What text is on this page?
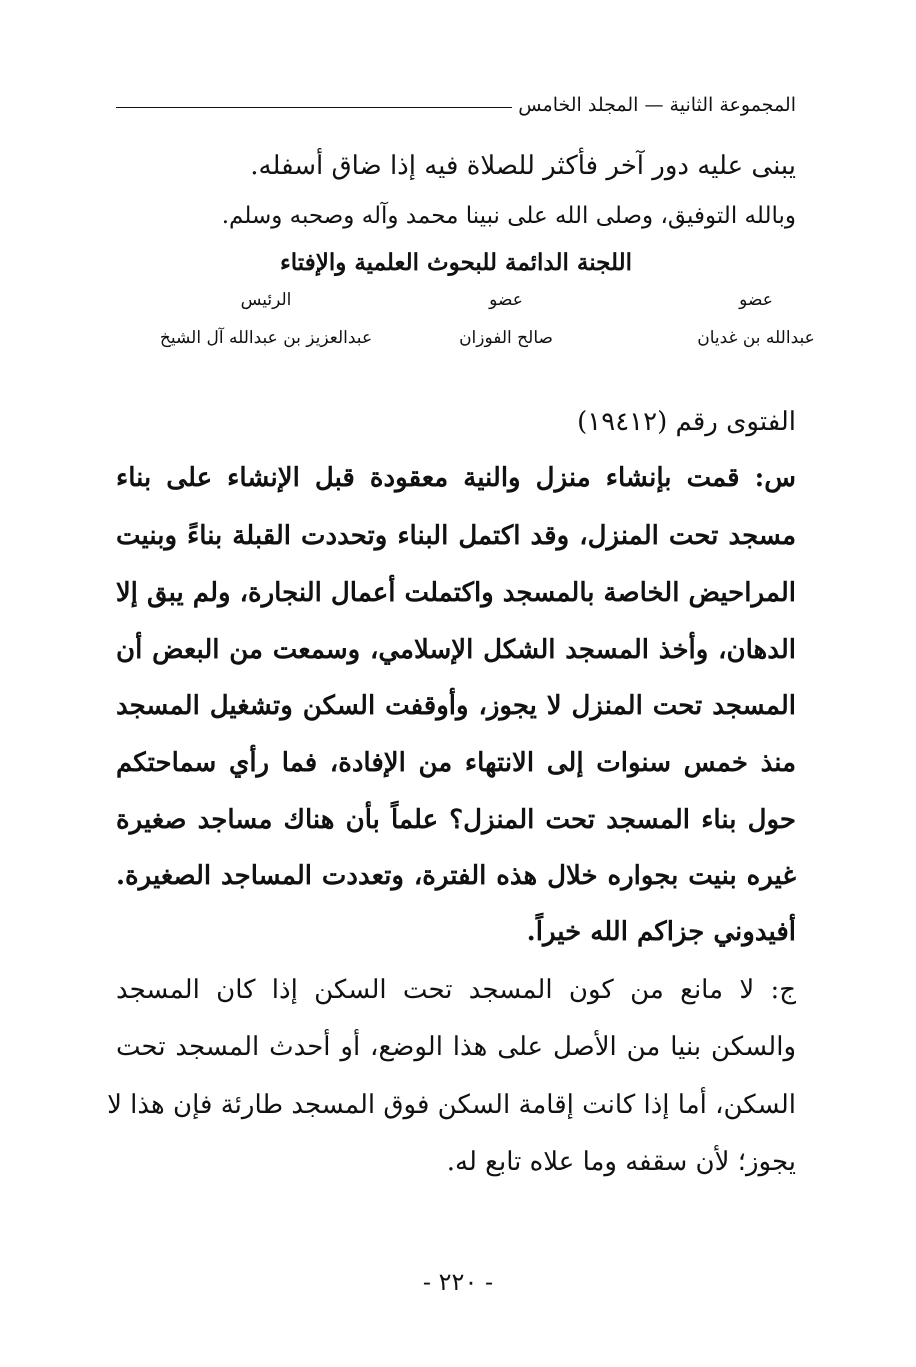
المجموعة الثانية — المجلد الخامس
يبنى عليه دور آخر فأكثر للصلاة فيه إذا ضاق أسفله.
وبالله التوفيق، وصلى الله على نبينا محمد وآله وصحبه وسلم.
اللجنة الدائمة للبحوث العلمية والإفتاء
عضو
عضو
الرئيس
عبدالله بن غديان
صالح الفوزان
عبدالعزيز بن عبدالله آل الشيخ
الفتوى رقم (١٩٤١٢)
س: قمت بإنشاء منزل والنية معقودة قبل الإنشاء على بناء
مسجد تحت المنزل، وقد اكتمل البناء وتحددت القبلة بناءً وبنيت
المراحيض الخاصة بالمسجد واكتملت أعمال النجارة، ولم يبق إلا
الدهان، وأخذ المسجد الشكل الإسلامي، وسمعت من البعض أن
المسجد تحت المنزل لا يجوز، وأوقفت السكن وتشغيل المسجد
منذ خمس سنوات إلى الانتهاء من الإفادة، فما رأي سماحتكم
حول بناء المسجد تحت المنزل؟ علماً بأن هناك مساجد صغيرة
غيره بنيت بجواره خلال هذه الفترة، وتعددت المساجد الصغيرة.
أفيدوني جزاكم الله خيراً.
ج: لا مانع من كون المسجد تحت السكن إذا كان المسجد
والسكن بنيا من الأصل على هذا الوضع، أو أحدث المسجد تحت
السكن، أما إذا كانت إقامة السكن فوق المسجد طارئة فإن هذا لا
يجوز؛ لأن سقفه وما علاه تابع له.
- ٢٢٠ -
